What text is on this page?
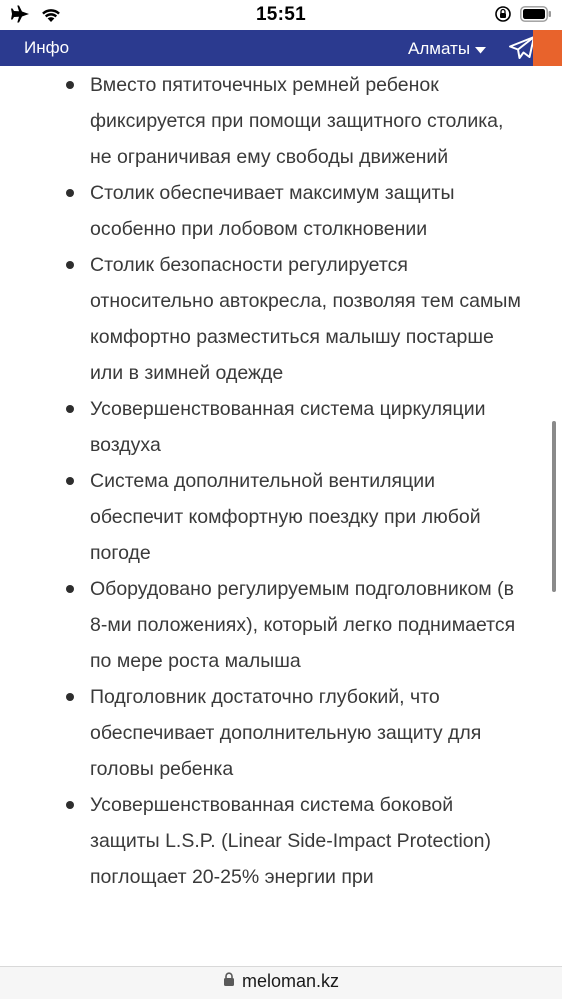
15:51
Инфо	Алматы
Вместо пятиточечных ремней ребенок фиксируется при помощи защитного столика, не ограничивая ему свободы движений
Столик обеспечивает максимум защиты особенно при лобовом столкновении
Столик безопасности регулируется относительно автокресла, позволяя тем самым комфортно разместиться малышу постарше или в зимней одежде
Усовершенствованная система циркуляции воздуха
Система дополнительной вентиляции обеспечит комфортную поездку при любой погоде
Оборудовано регулируемым подголовником (в 8-ми положениях), который легко поднимается по мере роста малыша
Подголовник достаточно глубокий, что обеспечивает дополнительную защиту для головы ребенка
Усовершенствованная система боковой защиты L.S.P. (Linear Side-Impact Protection) поглощает 20-25% энергии при
meloman.kz
